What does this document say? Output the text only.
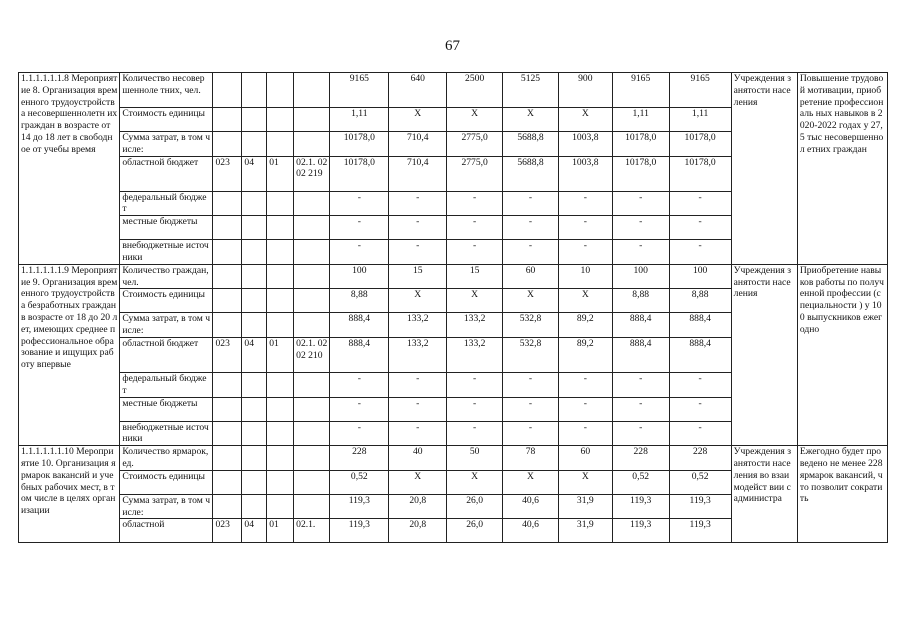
67
1.1.1.1.1.1.8 Мероприятие 8. Организация временного трудоустройства несовершеннолетн их граждан в возрасте от 14 до 18 лет в свободное от учебы время	Количество несовершенноле тних, чел.					9165	640	2500	5125	900	9165	9165	Учреждения занятости населения	Повышение трудовой мотивации, приобретение профессиональ ных навыков в 2020-2022 годах у 27,5 тыс несовершеннол етних граждан
	Стоимость единицы					1,11	Х	Х	Х	Х	1,11	1,11		
	Сумма затрат, в том числе:					10178,0	710,4	2775,0	5688,8	1003,8	10178,0	10178,0		
	областной бюджет	023	04	01	02.1. 0202 219	10178,0	710,4	2775,0	5688,8	1003,8	10178,0	10178,0		
	федеральный бюджет					-	-	-	-	-	-	-		
	местные бюджеты					-	-	-	-	-	-	-		
	внебюджетные источники					-	-	-	-	-	-	-		
1.1.1.1.1.1.9 Мероприятие 9. Организация временного трудоустройства безработных граждан в возрасте от 18 до 20 лет, имеющих среднее профессиональное образование и ищущих работу впервые	Количество граждан, чел.					100	15	15	60	10	100	100	Учреждения занятости населения	Приобретение навыков работы по полученной профессии (специальности ) у 100 выпускников ежегодно
	Стоимость единицы					8,88	Х	Х	Х	Х	8,88	8,88		
	Сумма затрат, в том числе:					888,4	133,2	133,2	532,8	89,2	888,4	888,4		
	областной бюджет	023	04	01	02.1. 0202 210	888,4	133,2	133,2	532,8	89,2	888,4	888,4		
	федеральный бюджет					-	-	-	-	-	-	-		
	местные бюджеты					-	-	-	-	-	-	-		
	внебюджетные источники					-	-	-	-	-	-	-		
1.1.1.1.1.1.10 Мероприятие 10. Организация ярмарок вакансий и учебных рабочих мест, в том числе в целях организации	Количество ярмарок, ед.					228	40	50	78	60	228	228	Учреждения занятости населения во взаимодейст вии с администра	Ежегодно будет проведено не менее 228 ярмарок вакансий, что позволит сократить
	Стоимость единицы					0,52	Х	Х	Х	Х	0,52	0,52		
	Сумма затрат, в том числе:					119,3	20,8	26,0	40,6	31,9	119,3	119,3		
	областной	023	04	01	02.1.	119,3	20,8	26,0	40,6	31,9	119,3	119,3		
